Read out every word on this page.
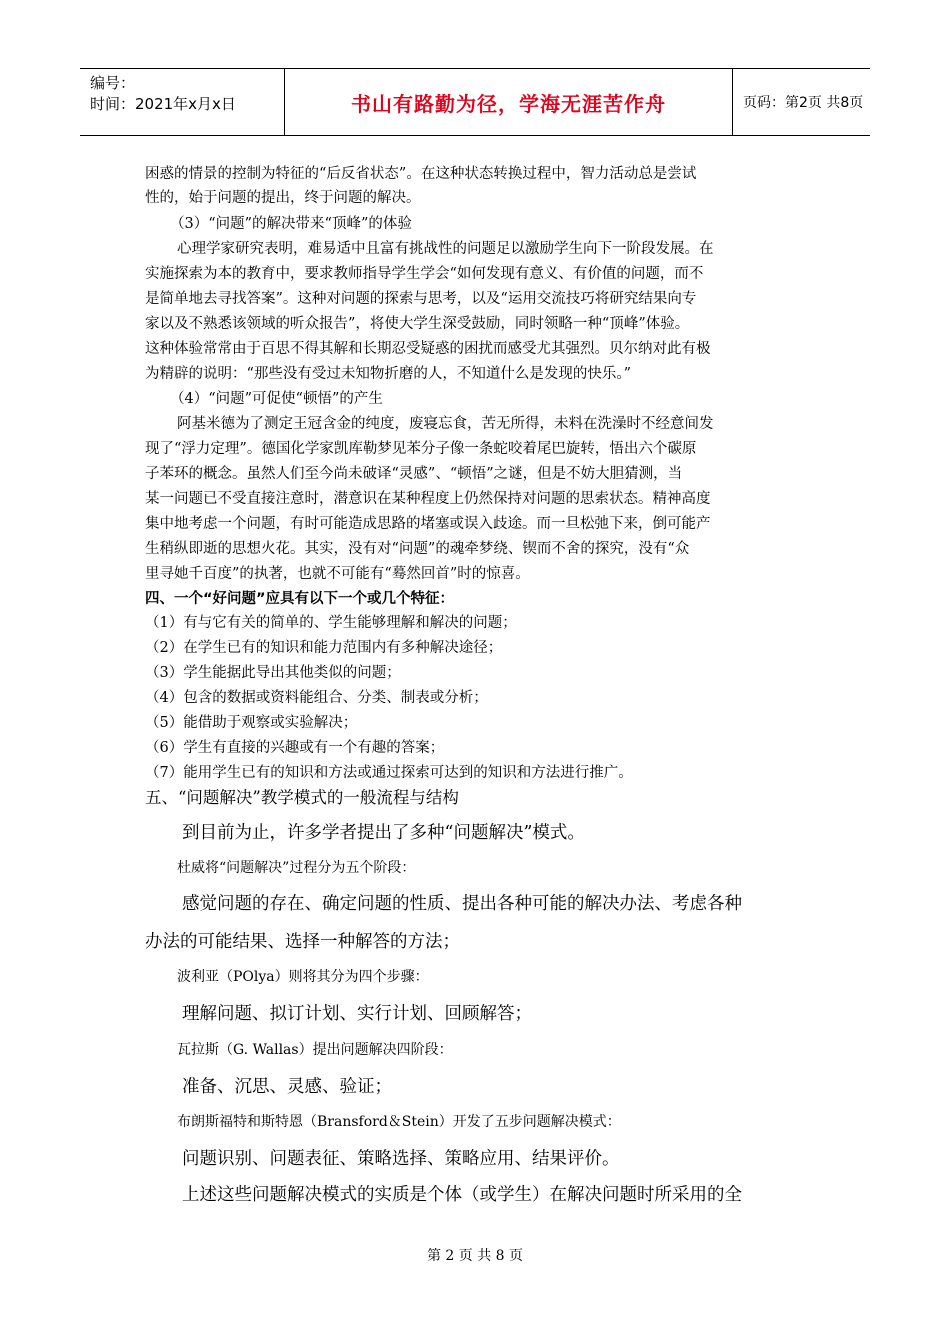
编号：
时间：2021年x月x日	书山有路勤为径，学海无涯苦作舟	页码：第2页 共8页
困惑的情景的控制为特征的“后反省状态”。在这种状态转换过程中，智力活动总是尝试
性的，始于问题的提出，终于问题的解决。
（3）“问题”的解决带来“顶峰”的体验
心理学家研究表明，难易适中且富有挑战性的问题足以激励学生向下一阶段发展。在
实施探索为本的教育中，要求教师指导学生学会“如何发现有意义、有价值的问题，而不
是简单地去寻找答案”。这种对问题的探索与思考，以及“运用交流技巧将研究结果向专
家以及不熟悉该领域的听众报告”，将使大学生深受鼓励，同时领略一种“顶峰”体验。
这种体验常常由于百思不得其解和长期忍受疑惑的困扰而感受尤其强烈。贝尔纳对此有极
为精辟的说明：“那些没有受过未知物折磨的人，不知道什么是发现的快乐。”
（4）“问题”可促使“顿悟”的产生
阿基米德为了测定王冠含金的纯度，废寝忘食，苦无所得，未料在洗澡时不经意间发
现了“浮力定理”。德国化学家凯库勒梦见苯分子像一条蛇咬着尾巴旋转，悟出六个碳原
子苯环的概念。虽然人们至今尚未破译“灵感”、“顿悟”之谜，但是不妨大胆猜测，当
某一问题已不受直接注意时，潜意识在某种程度上仍然保持对问题的思索状态。精神高度
集中地考虑一个问题，有时可能造成思路的堵塞或误入歧途。而一旦松弛下来，倒可能产
生稍纵即逝的思想火花。其实，没有对“问题”的魂牵梦绕、锲而不舍的探究，没有“众
里寻她千百度”的执著，也就不可能有“蓦然回首”时的惊喜。
四、一个“好问题”应具有以下一个或几个特征：
（1）有与它有关的简单的、学生能够理解和解决的问题；
（2）在学生已有的知识和能力范围内有多种解决途径；
（3）学生能据此导出其他类似的问题；
（4）包含的数据或资料能组合、分类、制表或分析；
（5）能借助于观察或实验解决；
（6）学生有直接的兴趣或有一个有趣的答案；
（7）能用学生已有的知识和方法或通过探索可达到的知识和方法进行推广。
五、“问题解决”教学模式的一般流程与结构
到目前为止，许多学者提出了多种“问题解决”模式。
杜威将“问题解决”过程分为五个阶段：
感觉问题的存在、确定问题的性质、提出各种可能的解决办法、考虑各种
办法的可能结果、选择一种解答的方法；
波利亚（POlya）则将其分为四个步骤：
理解问题、拟订计划、实行计划、回顾解答；
瓦拉斯（G. Wallas）提出问题解决四阶段：
准备、沉思、灵感、验证；
布朗斯福特和斯特恩（Bransford＆Stein）开发了五步问题解决模式：
问题识别、问题表征、策略选择、策略应用、结果评价。
上述这些问题解决模式的实质是个体（或学生）在解决问题时所采用的全
第 2 页 共 8 页
